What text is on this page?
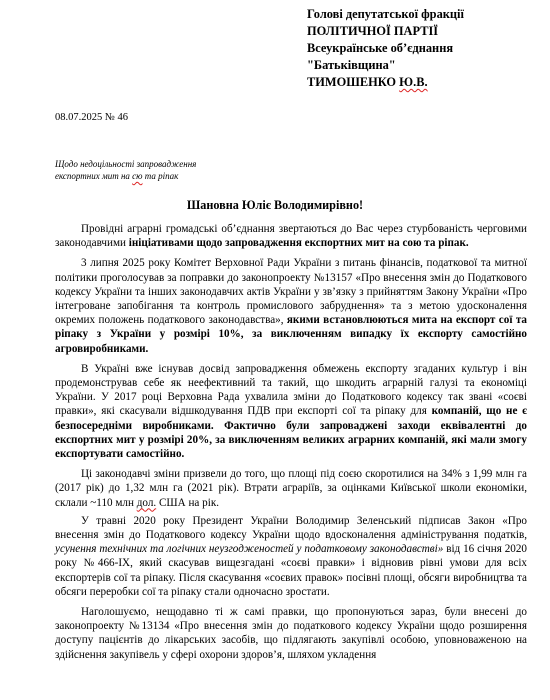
Голові депутатської фракції
ПОЛІТИЧНОЇ ПАРТІЇ
Всеукраїнське об’єднання
"Батьківщина"
ТИМОШЕНКО Ю.В.
08.07.2025 № 46
Щодо недоцільності запровадження
експортних мит на сю та ріпак
Шановна Юліє Володимирівно!

Провідні аграрні громадські об’єднання звертаються до Вас через стурбованість черговими законодавчими ініціативами щодо запровадження експортних мит на сою та ріпак.

3 липня 2025 року Комітет Верховної Ради України з питань фінансів, податкової та митної політики проголосував за поправки до законопроекту №13157 «Про внесення змін до Податкового кодексу України та інших законодавчих актів України у зв’язку з прийняттям Закону України «Про інтегроване запобігання та контроль промислового забруднення» та з метою удосконалення окремих положень податкового законодавства», якими встановлюються мита на експорт сої та ріпаку з України у розмірі 10%, за виключенням випадку їх експорту самостійно агровиробниками.

В Україні вже існував досвід запровадження обмежень експорту згаданих культур і він продемонстрував себе як неефективний та такий, що шкодить аграрній галузі та економіці України. У 2017 році Верховна Рада ухвалила зміни до Податкового кодексу так звані «соєві правки», які скасували відшкодування ПДВ при експорті сої та ріпаку для компаній, що не є безпосередніми виробниками. Фактично були запроваджені заходи еквівалентні до експортних мит у розмірі 20%, за виключенням великих аграрних компаній, які мали змогу експортувати самостійно.

Ці законодавчі зміни призвели до того, що площі під соєю скоротилися на 34% з 1,99 млн га (2017 рік) до 1,32 млн га (2021 рік). Втрати аграріїв, за оцінками Київської школи економіки, склали ~110 млн дол. США на рік.

У травні 2020 року Президент України Володимир Зеленський підписав Закон «Про внесення змін до Податкового кодексу України щодо вдосконалення адміністрування податків, усунення технічних та логічних неузгодженостей у податковому законодавстві» від 16 січня 2020 року №466-ІХ, який скасував вищезгадані «соєві правки» і відновив рівні умови для всіх експортерів сої та ріпаку. Після скасування «соєвих правок» посівні площі, обсяги виробництва та обсяги переробки сої та ріпаку стали одночасно зростати.

Наголошуємо, нещодавно ті ж самі правки, що пропонуються зараз, були внесені до законопроекту №13134 «Про внесення змін до податкового кодексу України щодо розширення доступу пацієнтів до лікарських засобів, що підлягають закупівлі особою, уповноваженою на здійснення закупівель у сфері охорони здоров’я, шляхом укладення
